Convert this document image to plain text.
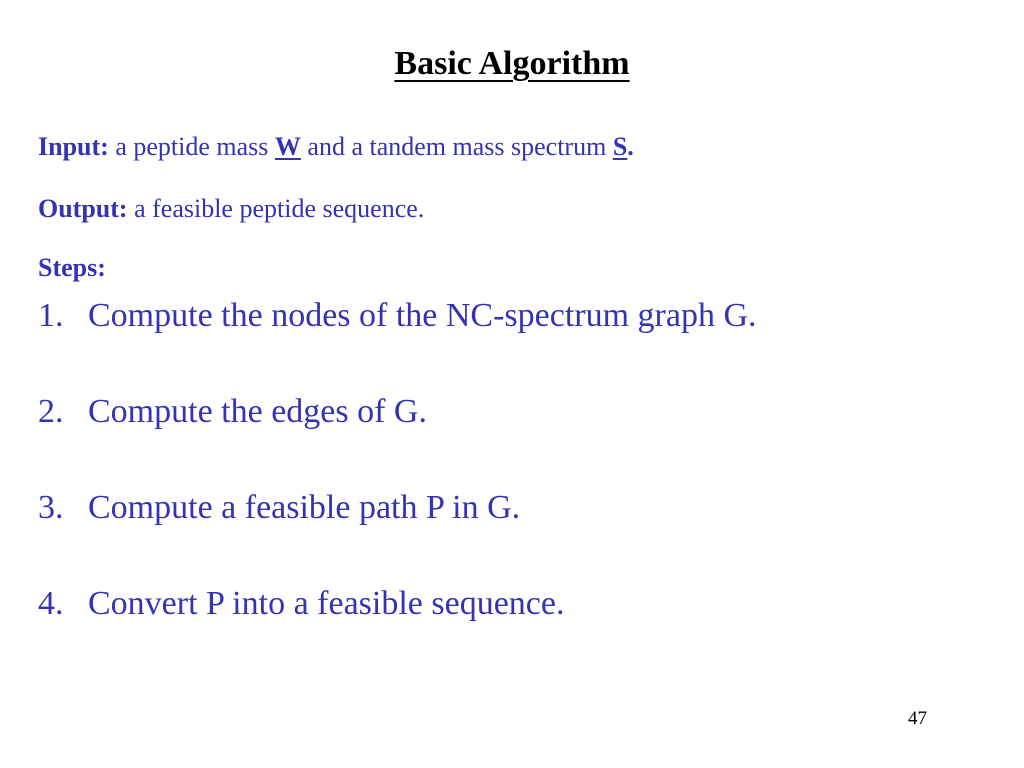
Basic Algorithm
Input: a peptide mass W and a tandem mass spectrum S.
Output: a feasible peptide sequence.
Steps:
1. Compute the nodes of the NC-spectrum graph G.
2. Compute the edges of G.
3. Compute a feasible path P in G.
4. Convert P into a feasible sequence.
47
